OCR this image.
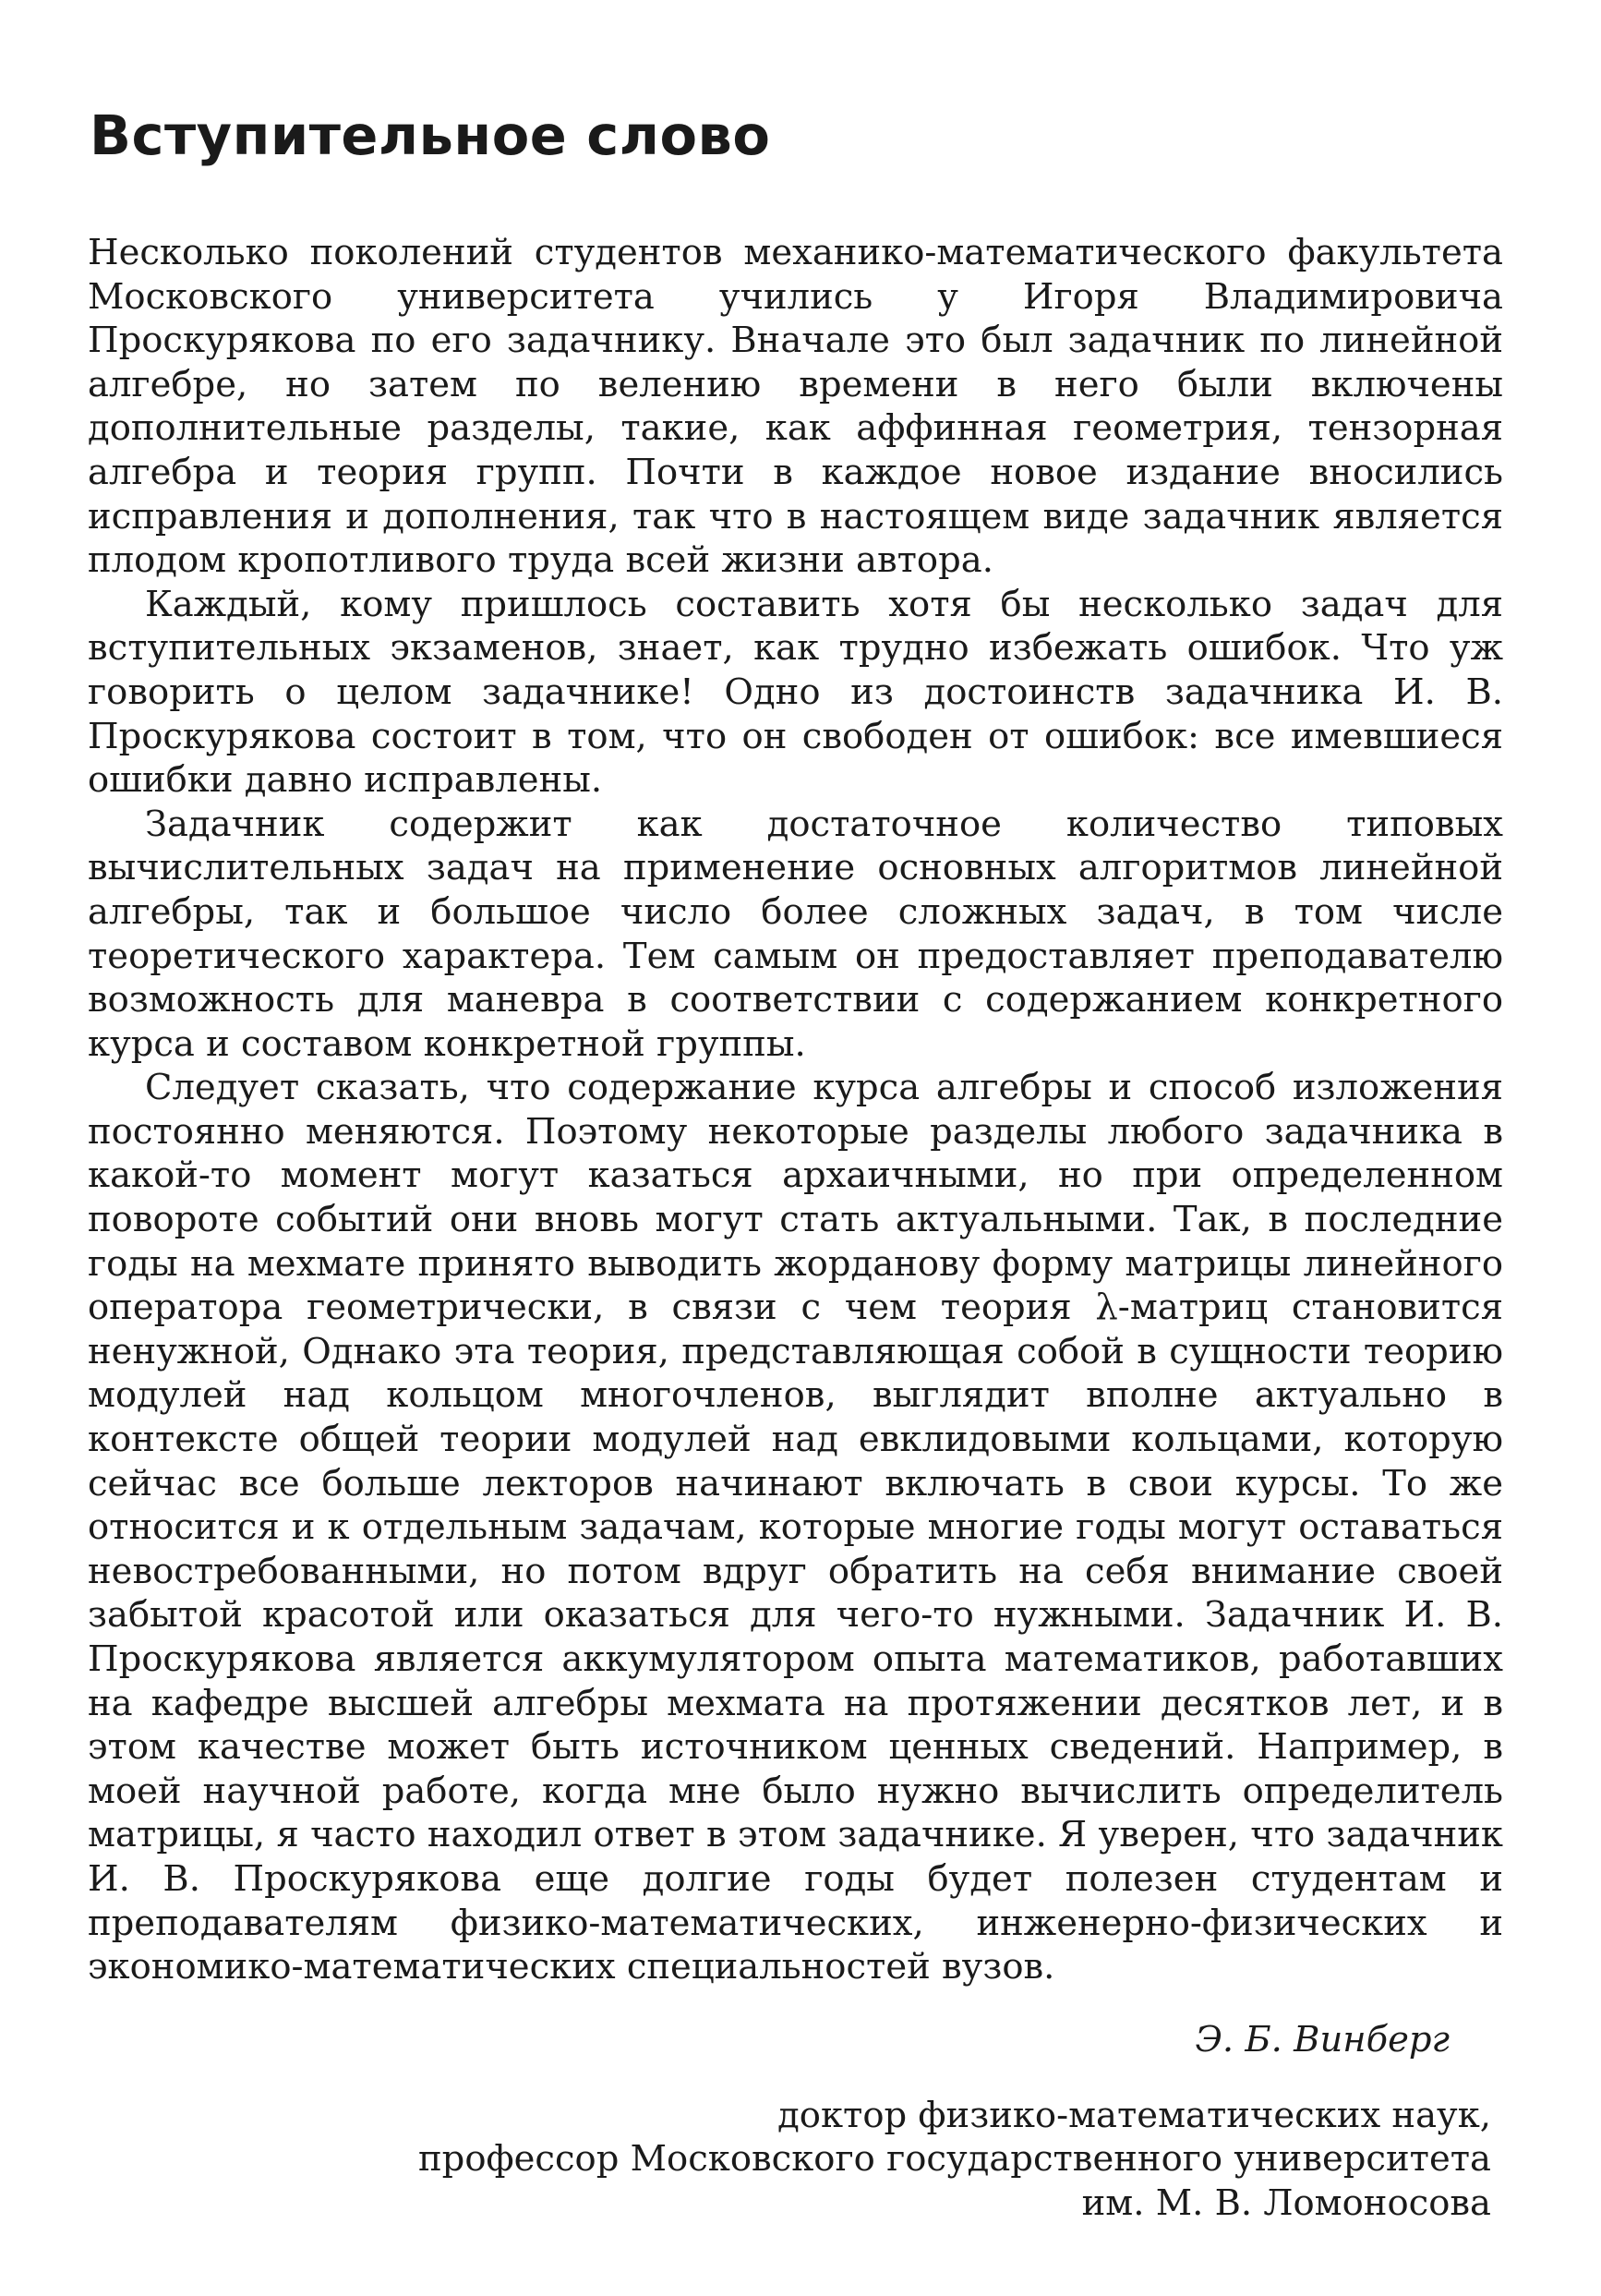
Вступительное слово

Несколько поколений студентов механико-математического факультета Московского университета учились у Игоря Владимировича Проскурякова по его задачнику. Вначале это был задачник по линейной алгебре, но затем по велению времени в него были включены дополнительные разделы, такие, как аффинная геометрия, тензорная алгебра и теория групп. Почти в каждое новое издание вносились исправления и дополнения, так что в настоящем виде задачник является плодом кропотливого труда всей жизни автора.

Каждый, кому пришлось составить хотя бы несколько задач для вступительных экзаменов, знает, как трудно избежать ошибок. Что уж говорить о целом задачнике! Одно из достоинств задачника И. В. Проскурякова состоит в том, что он свободен от ошибок: все имевшиеся ошибки давно исправлены.

Задачник содержит как достаточное количество типовых вычислительных задач на применение основных алгоритмов линейной алгебры, так и большое число более сложных задач, в том числе теоретического характера. Тем самым он предоставляет преподавателю возможность для маневра в соответствии с содержанием конкретного курса и составом конкретной группы.

Следует сказать, что содержание курса алгебры и способ изложения постоянно меняются. Поэтому некоторые разделы любого задачника в какой-то момент могут казаться архаичными, но при определенном повороте событий они вновь могут стать актуальными. Так, в последние годы на мехмате принято выводить жорданову форму матрицы линейного оператора геометрически, в связи с чем теория λ-матриц становится ненужной, Однако эта теория, представляющая собой в сущности теорию модулей над кольцом многочленов, выглядит вполне актуально в контексте общей теории модулей над евклидовыми кольцами, которую сейчас все больше лекторов начинают включать в свои курсы. То же относится и к отдельным задачам, которые многие годы могут оставаться невостребованными, но потом вдруг обратить на себя внимание своей забытой красотой или оказаться для чего-то нужными. Задачник И. В. Проскурякова является аккумулятором опыта математиков, работавших на кафедре высшей алгебры мехмата на протяжении десятков лет, и в этом качестве может быть источником ценных сведений. Например, в моей научной работе, когда мне было нужно вычислить определитель матрицы, я часто находил ответ в этом задачнике. Я уверен, что задачник И. В. Проскурякова еще долгие годы будет полезен студентам и преподавателям физико-математических, инженерно-физических и экономико-математических специальностей вузов.

Э. Б. Винберг
доктор физико-математических наук,
профессор Московского государственного университета
им. М. В. Ломоносова
